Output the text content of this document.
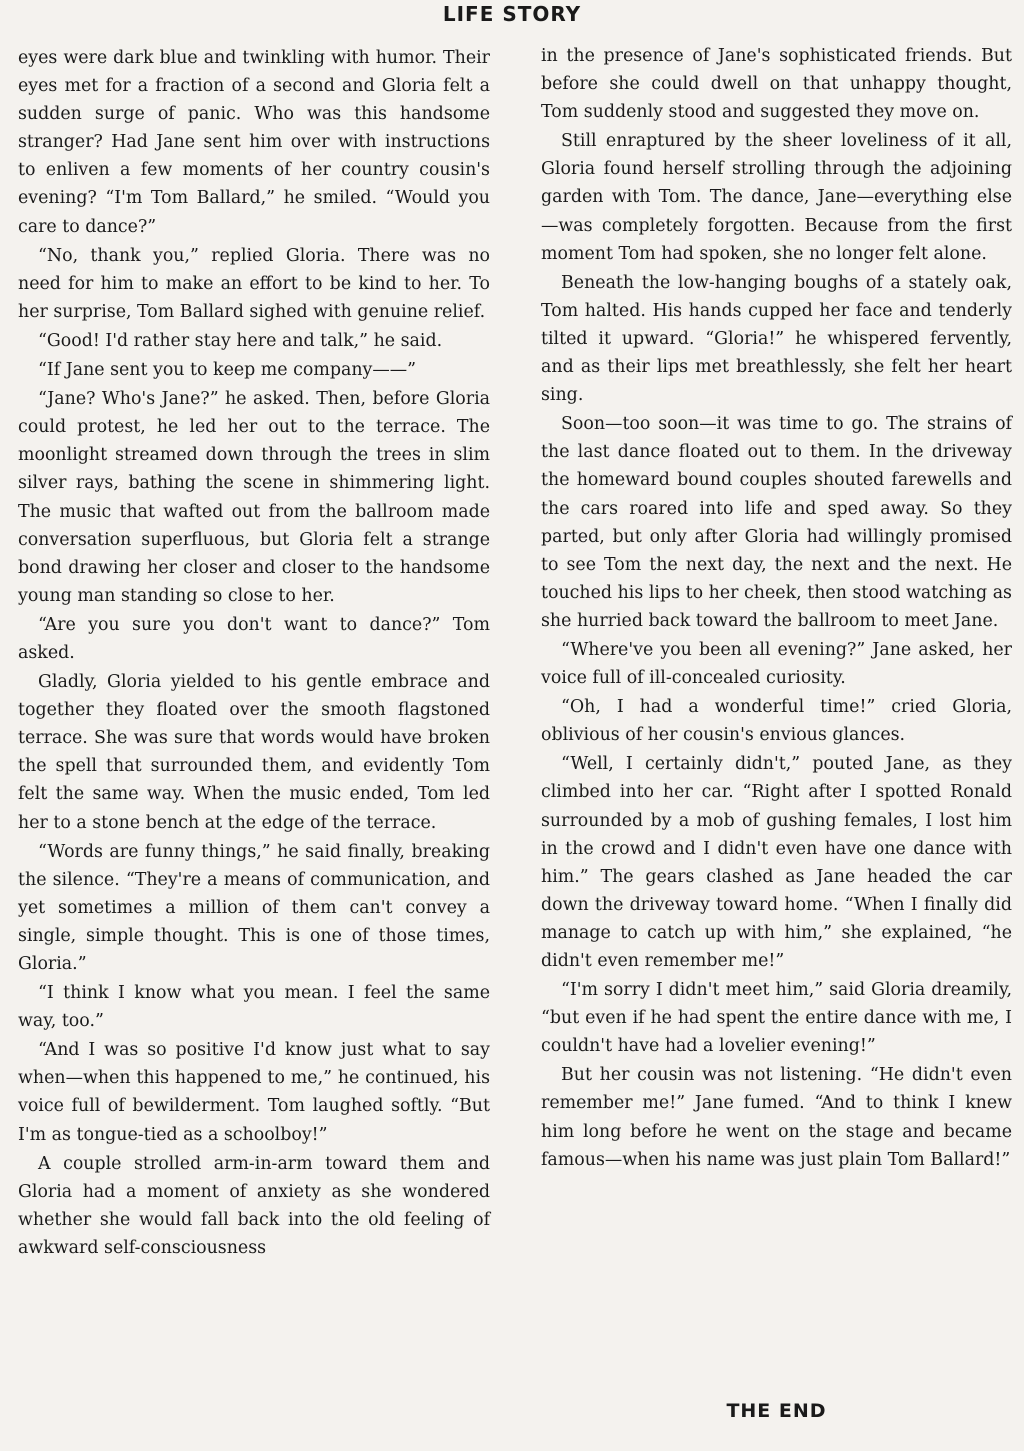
LIFE STORY

eyes were dark blue and twinkling with humor. Their eyes met for a fraction of a second and Gloria felt a sudden surge of panic. Who was this handsome stranger? Had Jane sent him over with instructions to enliven a few moments of her country cousin's evening? “I'm Tom Ballard,” he smiled. “Would you care to dance?”

“No, thank you,” replied Gloria. There was no need for him to make an effort to be kind to her. To her surprise, Tom Ballard sighed with genuine relief.

“Good! I'd rather stay here and talk,” he said.

“If Jane sent you to keep me company——”

“Jane? Who's Jane?” he asked. Then, before Gloria could protest, he led her out to the terrace. The moonlight streamed down through the trees in slim silver rays, bathing the scene in shimmering light. The music that wafted out from the ballroom made conversation superfluous, but Gloria felt a strange bond drawing her closer and closer to the handsome young man standing so close to her.

“Are you sure you don't want to dance?” Tom asked.

Gladly, Gloria yielded to his gentle embrace and together they floated over the smooth flagstoned terrace. She was sure that words would have broken the spell that surrounded them, and evidently Tom felt the same way. When the music ended, Tom led her to a stone bench at the edge of the terrace.

“Words are funny things,” he said finally, breaking the silence. “They're a means of communication, and yet sometimes a million of them can't convey a single, simple thought. This is one of those times, Gloria.”

“I think I know what you mean. I feel the same way, too.”

“And I was so positive I'd know just what to say when—when this happened to me,” he continued, his voice full of bewilderment. Tom laughed softly. “But I'm as tongue-tied as a schoolboy!”

A couple strolled arm-in-arm toward them and Gloria had a moment of anxiety as she wondered whether she would fall back into the old feeling of awkward self-consciousness

in the presence of Jane's sophisticated friends. But before she could dwell on that unhappy thought, Tom suddenly stood and suggested they move on.

Still enraptured by the sheer loveliness of it all, Gloria found herself strolling through the adjoining garden with Tom. The dance, Jane—everything else—was completely forgotten. Because from the first moment Tom had spoken, she no longer felt alone.

Beneath the low-hanging boughs of a stately oak, Tom halted. His hands cupped her face and tenderly tilted it upward. “Gloria!” he whispered fervently, and as their lips met breathlessly, she felt her heart sing.

Soon—too soon—it was time to go. The strains of the last dance floated out to them. In the driveway the homeward bound couples shouted farewells and the cars roared into life and sped away. So they parted, but only after Gloria had willingly promised to see Tom the next day, the next and the next. He touched his lips to her cheek, then stood watching as she hurried back toward the ballroom to meet Jane.

“Where've you been all evening?” Jane asked, her voice full of ill-concealed curiosity.

“Oh, I had a wonderful time!” cried Gloria, oblivious of her cousin's envious glances.

“Well, I certainly didn't,” pouted Jane, as they climbed into her car. “Right after I spotted Ronald surrounded by a mob of gushing females, I lost him in the crowd and I didn't even have one dance with him.” The gears clashed as Jane headed the car down the driveway toward home. “When I finally did manage to catch up with him,” she explained, “he didn't even remember me!”

“I'm sorry I didn't meet him,” said Gloria dreamily, “but even if he had spent the entire dance with me, I couldn't have had a lovelier evening!”

But her cousin was not listening. “He didn't even remember me!” Jane fumed. “And to think I knew him long before he went on the stage and became famous—when his name was just plain Tom Ballard!”

THE END
